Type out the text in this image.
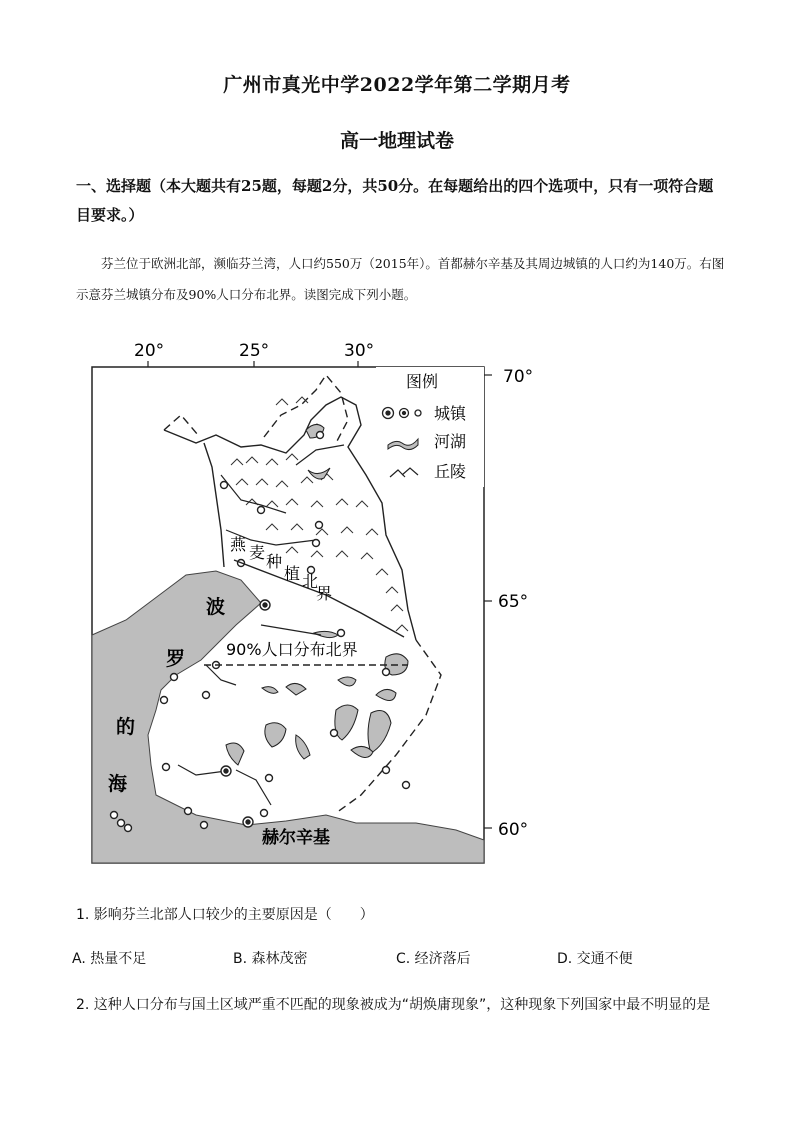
广州市真光中学2022学年第二学期月考
高一地理试卷
一、选择题（本大题共有25题，每题2分，共50分。在每题给出的四个选项中，只有一项符合题目要求。）
芬兰位于欧洲北部，濒临芬兰湾，人口约550万（2015年）。首都赫尔辛基及其周边城镇的人口约为140万。右图示意芬兰城镇分布及90%人口分布北界。读图完成下列小题。
20°	25°	30°
70°
65°
60°
燕 麦 种
植 北
界
90%人口分布北界
波
罗
的
海
赫尔辛基
图例
城镇
河湖
丘陵
1. 影响芬兰北部人口较少的主要原因是（　　）
A. 热量不足	B. 森林茂密	C. 经济落后	D. 交通不便
2. 这种人口分布与国土区域严重不匹配的现象被成为“胡焕庸现象”，这种现象下列国家中最不明显的是
